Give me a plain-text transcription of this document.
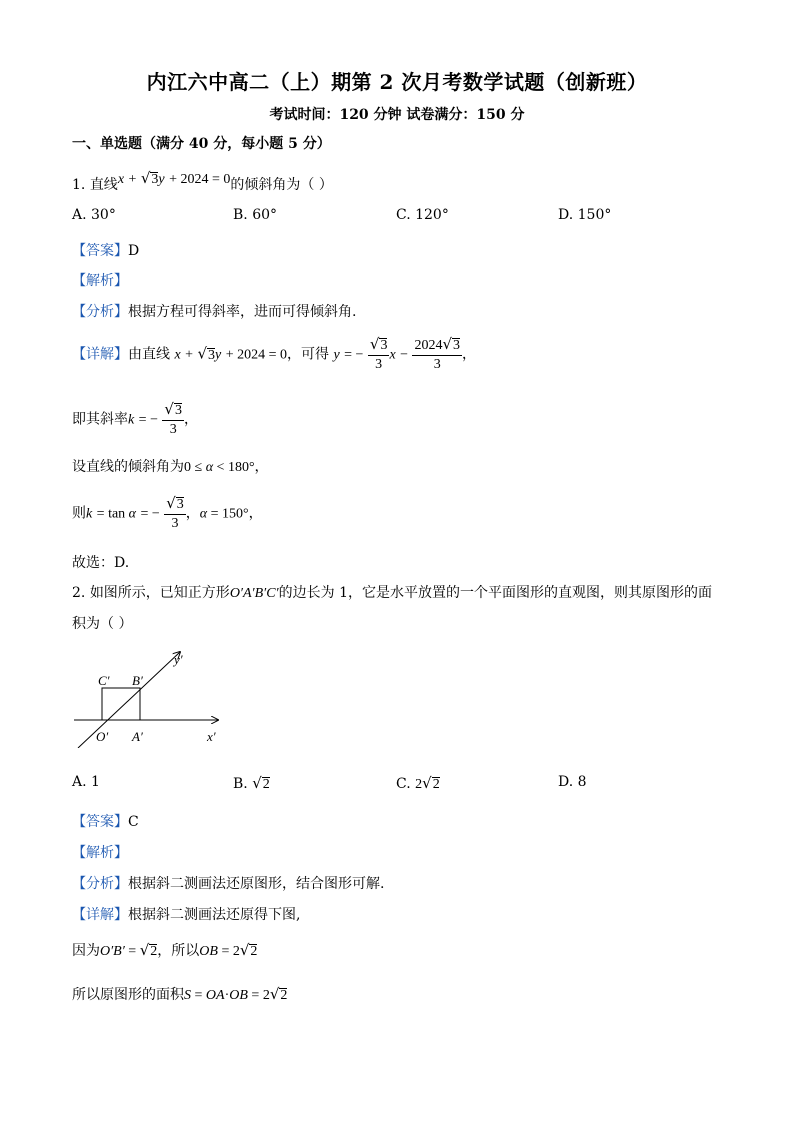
内江六中高二（上）期第 2 次月考数学试题（创新班）
考试时间：120 分钟 试卷满分：150 分
一、单选题（满分 40 分，每小题 5 分）
1. 直线x + √3y + 2024 = 0的倾斜角为（ ）
A. 30°	B. 60°	C. 120°	D. 150°
【答案】D
【解析】
【分析】根据方程可得斜率，进而可得倾斜角.
【详解】由直线 x + √3y + 2024 = 0，可得 y = − $\frac{√3}{3}$ $x - \frac{2024√3}{3}$ ，
即其斜率k = − $\frac{√3}{3}$ ，
设直线的倾斜角为0 ≤ α < 180°，
则k = tan α = − $\frac{√3}{3}$ ，α = 150°，
故选：D.
2. 如图所示，已知正方形O′A′B′C′的边长为 1，它是水平放置的一个平面图形的直观图，则其原图形的面
积为（ ）
C′ B′
y′
O′ A′	x′
A. 1	B. √2	C. 2√2	D. 8
【答案】C
【解析】
【分析】根据斜二测画法还原图形，结合图形可解.
【详解】根据斜二测画法还原得下图,
因为O′B′ = √2，所以OB = 2√2
所以原图形的面积S = OA·OB = 2√2
